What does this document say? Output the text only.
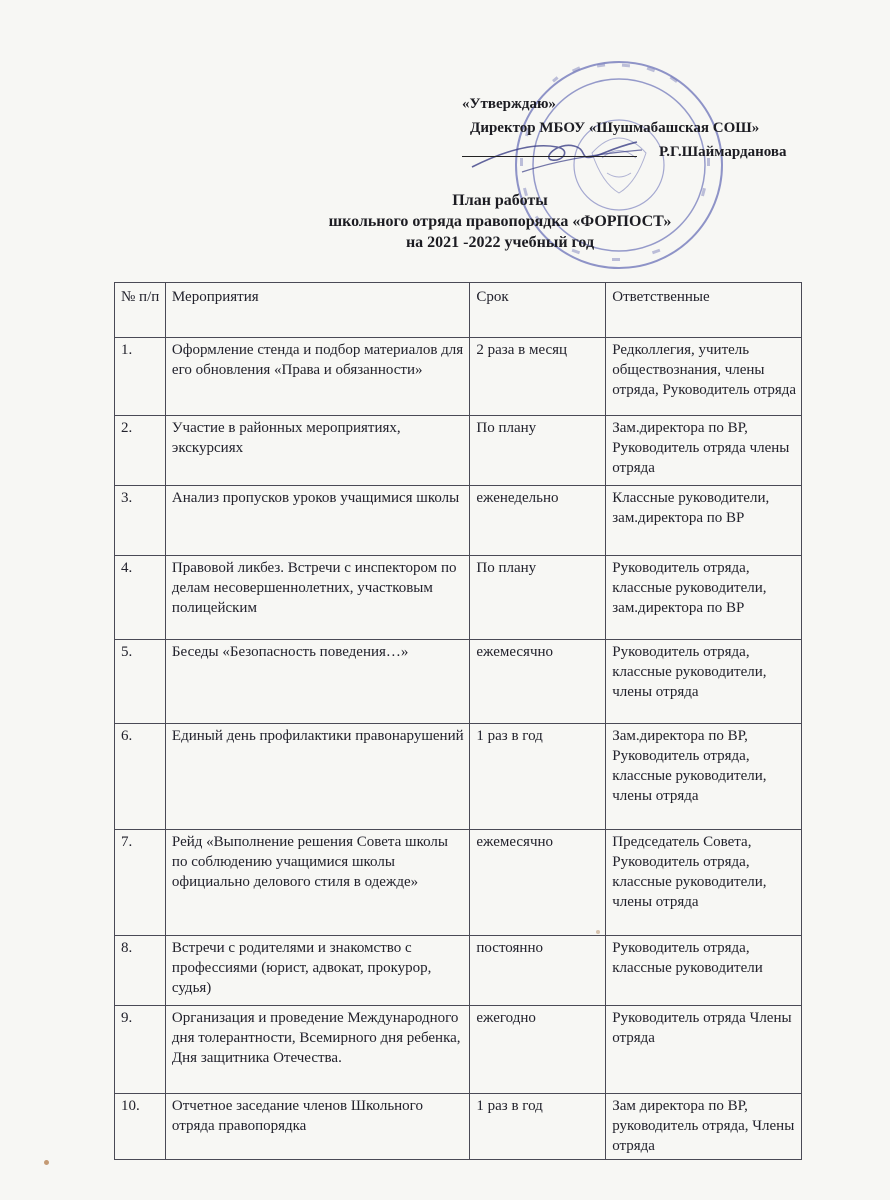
«Утверждаю»
Директор МБОУ «Шушмабашская СОШ»
Р.Г.Шаймарданова
План работы
школьного отряда правопорядка «ФОРПОСТ»
на 2021 -2022 учебный год
№ п/п	Мероприятия	Срок	Ответственные
1.	Оформление стенда и подбор материалов для его обновления «Права и обязанности»	2 раза в месяц	Редколлегия, учитель обществознания, члены отряда, Руководитель отряда
2.	Участие в районных мероприятиях, экскурсиях	По плану	Зам.директора по ВР, Руководитель отряда члены отряда
3.	Анализ пропусков уроков учащимися школы	еженедельно	Классные руководители, зам.директора по ВР
4.	Правовой ликбез. Встречи с инспектором по делам несовершеннолетних, участковым полицейским	По плану	Руководитель отряда, классные руководители, зам.директора по ВР
5.	Беседы «Безопасность поведения…»	ежемесячно	Руководитель отряда, классные руководители, члены отряда
6.	Единый день профилактики правонарушений	1 раз в год	Зам.директора по ВР, Руководитель отряда, классные руководители, члены отряда
7.	Рейд «Выполнение решения Совета школы по соблюдению учащимися школы официально делового стиля в одежде»	ежемесячно	Председатель Совета, Руководитель отряда, классные руководители, члены отряда
8.	Встречи с родителями и знакомство с профессиями (юрист, адвокат, прокурор, судья)	постоянно	Руководитель отряда, классные руководители
9.	Организация и проведение Международного дня толерантности, Всемирного дня ребенка, Дня защитника Отечества.	ежегодно	Руководитель отряда Члены отряда
10.	Отчетное заседание членов Школьного отряда правопорядка	1 раз в год	Зам директора по ВР, руководитель отряда, Члены отряда
